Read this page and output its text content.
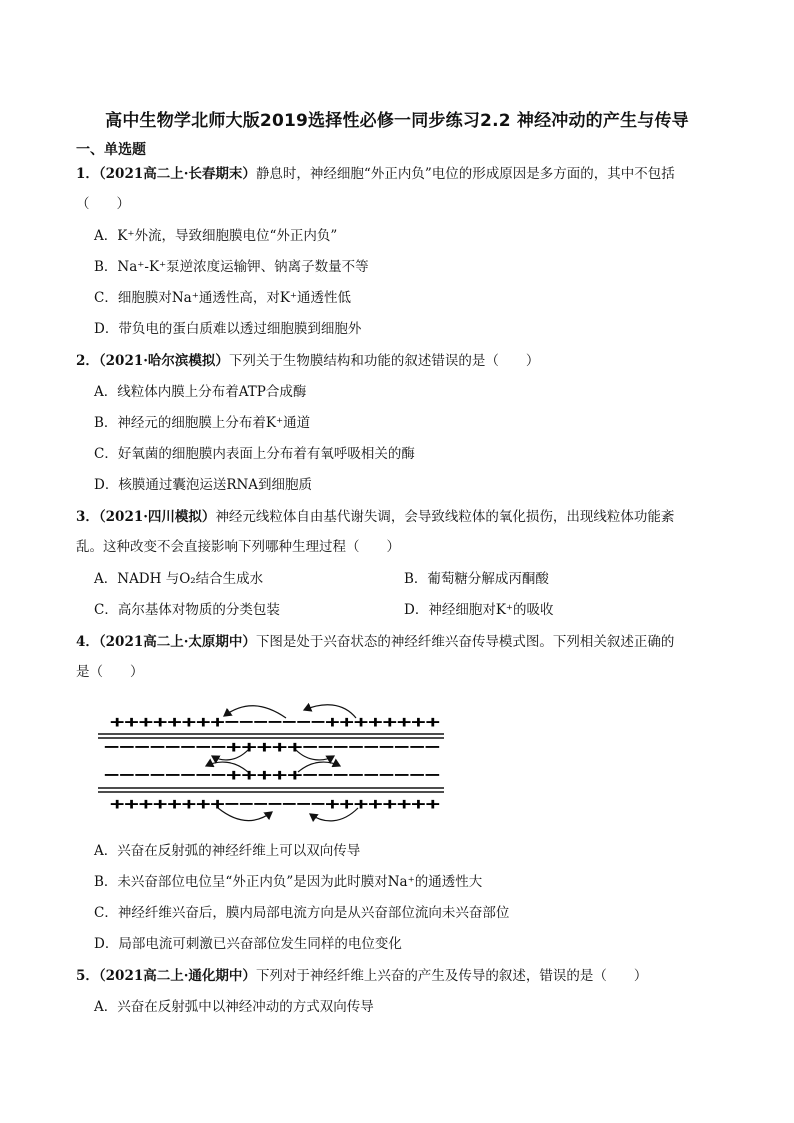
高中生物学北师大版2019选择性必修一同步练习2.2 神经冲动的产生与传导
一、单选题
1．（2021高二上·长春期末）静息时，神经细胞“外正内负”电位的形成原因是多方面的，其中不包括
（　　）
A．K⁺外流，导致细胞膜电位“外正内负”
B．Na⁺-K⁺泵逆浓度运输钾、钠离子数量不等
C．细胞膜对Na⁺通透性高，对K⁺通透性低
D．带负电的蛋白质难以透过细胞膜到细胞外
2．（2021·哈尔滨模拟）下列关于生物膜结构和功能的叙述错误的是（　　）
A．线粒体内膜上分布着ATP合成酶
B．神经元的细胞膜上分布着K⁺通道
C．好氧菌的细胞膜内表面上分布着有氧呼吸相关的酶
D．核膜通过囊泡运送RNA到细胞质
3．（2021·四川模拟）神经元线粒体自由基代谢失调，会导致线粒体的氧化损伤，出现线粒体功能紊
乱。这种改变不会直接影响下列哪种生理过程（　　）
A．NADH 与O₂结合生成水	B．葡萄糖分解成丙酮酸
C．高尔基体对物质的分类包装	D．神经细胞对K⁺的吸收
4．（2021高二上·太原期中）下图是处于兴奋状态的神经纤维兴奋传导模式图。下列相关叙述正确的
是（　　）
++++++++−−−−−−−++++++++
−−−−−−−−+++++−−−−−−−−−
−−−−−−−−+++++−−−−−−−−−
++++++++−−−−−−−++++++++
A．兴奋在反射弧的神经纤维上可以双向传导
B．未兴奋部位电位呈“外正内负”是因为此时膜对Na⁺的通透性大
C．神经纤维兴奋后，膜内局部电流方向是从兴奋部位流向未兴奋部位
D．局部电流可刺激已兴奋部位发生同样的电位变化
5．（2021高二上·通化期中）下列对于神经纤维上兴奋的产生及传导的叙述，错误的是（　　）
A．兴奋在反射弧中以神经冲动的方式双向传导
